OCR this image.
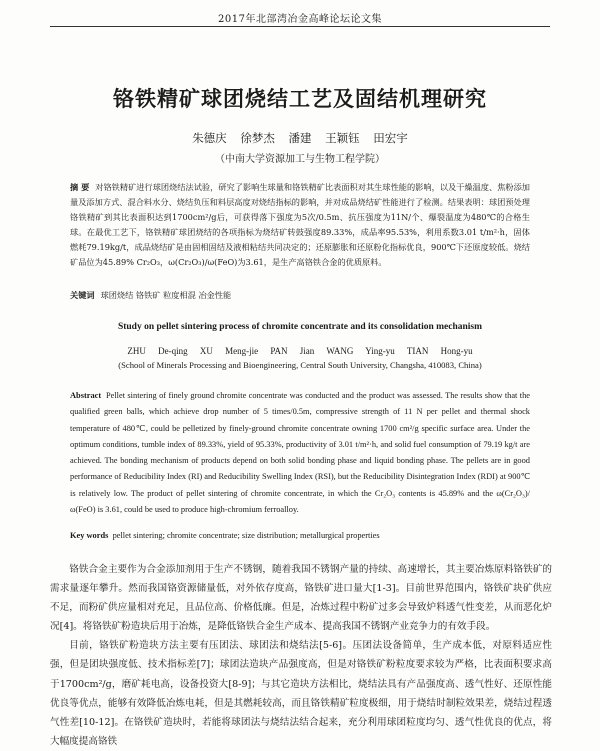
2017年北部湾冶金高峰论坛论文集
铬铁精矿球团烧结工艺及固结机理研究
朱德庆 徐梦杰 潘建 王颖钰 田宏宇
（中南大学资源加工与生物工程学院）
摘 要 对铬铁精矿进行球团烧结法试验，研究了影响生球量和铬铁精矿比表面积对其生球性能的影响，以及干燥温度、焦粉添加量及添加方式、混合料水分、烧结负压和料层高度对烧结指标的影响，并对成品烧结矿性能进行了检测。结果表明：球团预处理铬铁精矿到其比表面积达到1700cm²/g后，可获得落下强度为5次/0.5m、抗压强度为11N/个、爆裂温度为480℃的合格生球。在最优工艺下，铬铁精矿球团烧结的各项指标为烧结矿转鼓强度89.33%，成品率95.53%，利用系数3.01 t/m²·h，固体燃耗79.19kg/t，成品烧结矿是由固相固结及液相粘结共同决定的；还原膨胀和还原粉化指标优良，900℃下还原度较低。烧结矿品位为45.89% Cr₂O₃，ω(Cr₂O₃)/ω(FeO)为3.61，是生产高铬铁合金的优质原料。
关键词 球团烧结 铬铁矿 粒度相混 冶金性能
Study on pellet sintering process of chromite concentrate and its consolidation mechanism
ZHU De-qing XU Meng-jie PAN Jian WANG Ying-yu TIAN Hong-yu
(School of Minerals Processing and Bioengineering, Central South University, Changsha, 410083, China)
Abstract Pellet sintering of finely ground chromite concentrate was conducted and the product was assessed. The results show that the qualified green balls, which achieve drop number of 5 times/0.5m, compressive strength of 11 N per pellet and thermal shock temperature of 480℃, could be pelletized by finely-ground chromite concentrate owning 1700 cm²/g specific surface area. Under the optimum conditions, tumble index of 89.33%, yield of 95.33%, productivity of 3.01 t/m²·h, and solid fuel consumption of 79.19 kg/t are achieved. The bonding mechanism of products depend on both solid bonding phase and liquid bonding phase. The pellets are in good performance of Reducibility Index (RI) and Reducibility Swelling Index (RSI), but the Reducibility Disintegration Index (RDI) at 900℃ is relatively low. The product of pellet sintering of chromite concentrate, in which the Cr₂O₃ contents is 45.89% and the ω(Cr₂O₃)/ ω(FeO) is 3.61, could be used to produce high-chromium ferroalloy.
Key words pellet sintering; chromite concentrate; size distribution; metallurgical properties

铬铁合金主要作为合金添加剂用于生产不锈钢，随着我国不锈钢产量的持续、高速增长，其主要冶炼原料铬铁矿的需求量逐年攀升。然而我国铬资源储量低，对外依存度高，铬铁矿进口量大[1-3]。目前世界范围内，铬铁矿块矿供应不足，而粉矿供应量相对充足，且品位高、价格低廉。但是，冶炼过程中粉矿过多会导致炉料透气性变差，从而恶化炉况[4]。将铬铁矿粉造块后用于冶炼，是降低铬铁合金生产成本、提高我国不锈钢产业竞争力的有效手段。

目前，铬铁矿粉造块方法主要有压团法、球团法和烧结法[5-6]。压团法设备简单，生产成本低，对原料适应性强，但是团块强度低、技术指标差[7]；球团法造块产品强度高，但是对铬铁矿粉粒度要求较为严格，比表面积要求高于1700cm²/g，磨矿耗电高，设备投资大[8-9]；与其它造块方法相比，烧结法具有产品强度高、透气性好、还原性能优良等优点，能够有效降低冶炼电耗，但是其燃耗较高，而且铬铁精矿粒度极细，用于烧结时制粒效果差，烧结过程透气性差[10-12]。在铬铁矿造块时，若能将球团法与烧结法结合起来，充分利用球团粒度均匀、透气性优良的优点，将大幅度提高铬铁
